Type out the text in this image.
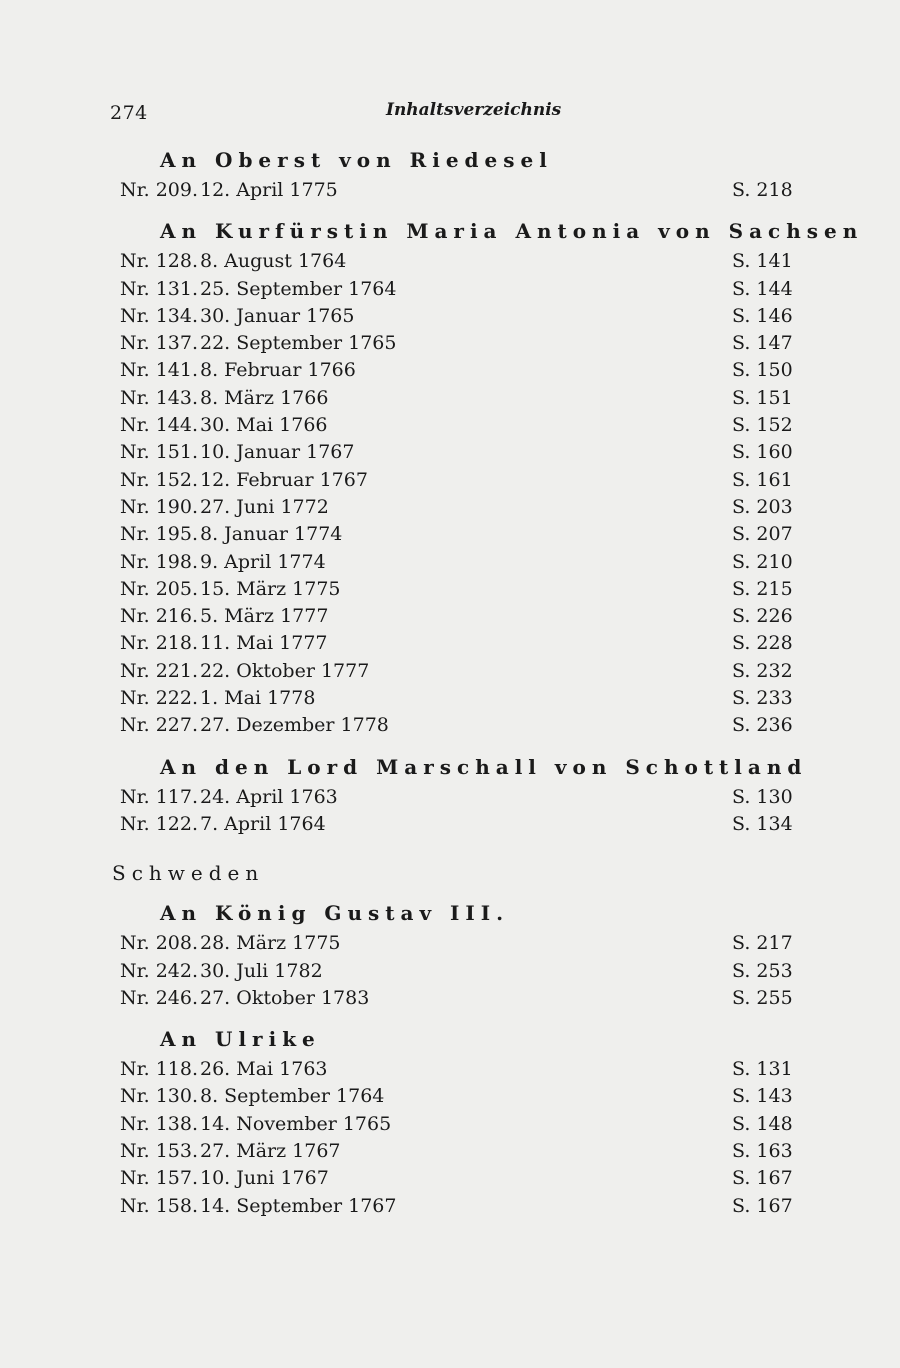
274	Inhaltsverzeichnis
An Oberst von Riedesel
Nr. 209. 12. April 1775	S. 218
An Kurfürstin Maria Antonia von Sachsen
Nr. 128. 8. August 1764	S. 141
Nr. 131. 25. September 1764	S. 144
Nr. 134. 30. Januar 1765	S. 146
Nr. 137. 22. September 1765	S. 147
Nr. 141. 8. Februar 1766	S. 150
Nr. 143. 8. März 1766	S. 151
Nr. 144. 30. Mai 1766	S. 152
Nr. 151. 10. Januar 1767	S. 160
Nr. 152. 12. Februar 1767	S. 161
Nr. 190. 27. Juni 1772	S. 203
Nr. 195. 8. Januar 1774	S. 207
Nr. 198. 9. April 1774	S. 210
Nr. 205. 15. März 1775	S. 215
Nr. 216. 5. März 1777	S. 226
Nr. 218. 11. Mai 1777	S. 228
Nr. 221. 22. Oktober 1777	S. 232
Nr. 222. 1. Mai 1778	S. 233
Nr. 227. 27. Dezember 1778	S. 236
An den Lord Marschall von Schottland
Nr. 117. 24. April 1763	S. 130
Nr. 122. 7. April 1764	S. 134
Schweden
An König Gustav III.
Nr. 208. 28. März 1775	S. 217
Nr. 242. 30. Juli 1782	S. 253
Nr. 246. 27. Oktober 1783	S. 255
An Ulrike
Nr. 118. 26. Mai 1763	S. 131
Nr. 130. 8. September 1764	S. 143
Nr. 138. 14. November 1765	S. 148
Nr. 153. 27. März 1767	S. 163
Nr. 157. 10. Juni 1767	S. 167
Nr. 158. 14. September 1767	S. 167
